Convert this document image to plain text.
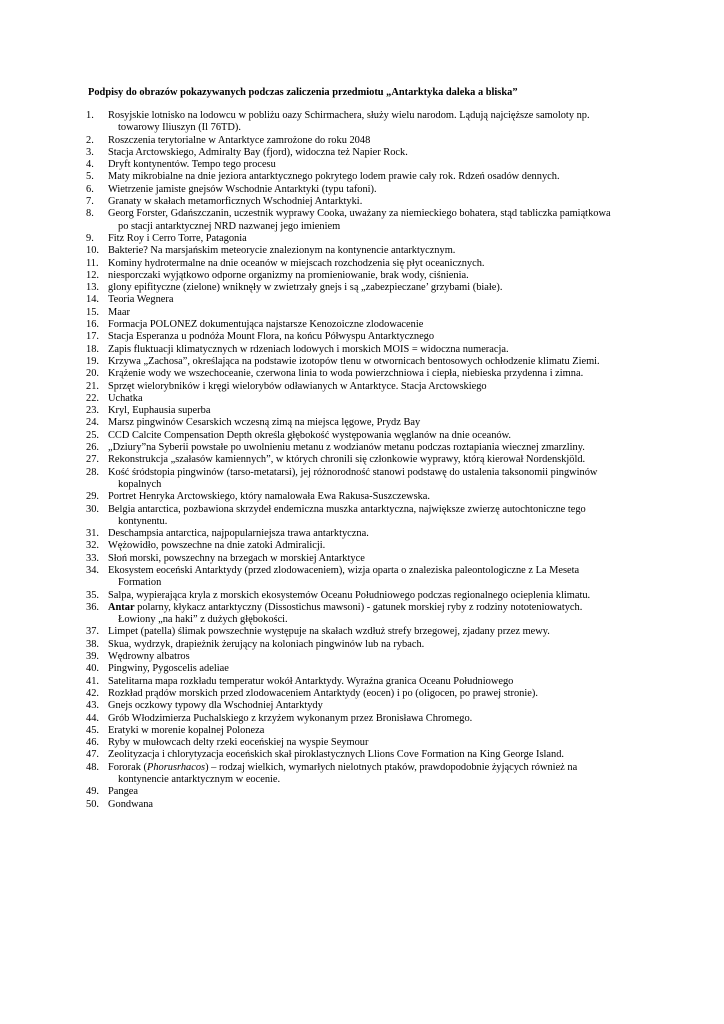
Podpisy do obrazów pokazywanych podczas zaliczenia przedmiotu „Antarktyka daleka a bliska”
1.	Rosyjskie lotnisko na lodowcu w pobliżu oazy Schirmachera, służy wielu narodom. Lądują najcięższe samoloty np.
towarowy Iliuszyn (Il 76TD).
2.	Roszczenia terytorialne w Antarktyce zamrożone do roku 2048
3.	Stacja Arctowskiego, Admiralty Bay (fjord), widoczna też Napier Rock.
4.	Dryft kontynentów. Tempo tego procesu
5.	Maty mikrobialne na dnie jeziora antarktycznego pokrytego lodem prawie cały rok. Rdzeń osadów dennych.
6.	Wietrzenie jamiste gnejsów Wschodnie Antarktyki (typu tafoni).
7.	Granaty w skałach metamorficznych Wschodniej Antarktyki.
8.	Georg Forster, Gdańszczanin, uczestnik wyprawy Cooka, uważany za niemieckiego bohatera, stąd tabliczka pamiątkowa
po stacji antarktycznej NRD nazwanej jego imieniem
9.	Fitz Roy i Cerro Torre, Patagonia
10. Bakterie? Na marsjańskim meteorycie znalezionym na kontynencie antarktycznym.
11. Kominy hydrotermalne na dnie oceanów w miejscach rozchodzenia się płyt oceanicznych.
12. niesporczaki wyjątkowo odporne organizmy na promieniowanie, brak wody, ciśnienia.
13. glony epifityczne (zielone) wniknęły w zwietrzały gnejs i są „zabezpieczane’ grzybami (białe).
14. Teoria Wegnera
15. Maar
16. Formacja POLONEZ dokumentująca najstarsze Kenozoiczne zlodowacenie
17. Stacja Esperanza u podnóża Mount Flora, na końcu Półwyspu Antarktycznego
18. Zapis fluktuacji klimatycznych w rdzeniach lodowych i morskich MOIS = widoczna numeracja.
19. Krzywa „Zachosa”, określająca na podstawie izotopów tlenu w otwornicach bentosowych ochłodzenie klimatu Ziemi.
20. Krążenie wody we wszechoceanie, czerwona linia to woda powierzchniowa i ciepła, niebieska przydenna i zimna.
21. Sprzęt wielorybników i kręgi wielorybów odławianych w Antarktyce. Stacja Arctowskiego
22. Uchatka
23. Kryl, Euphausia superba
24. Marsz pingwinów Cesarskich wczesną zimą na miejsca lęgowe, Prydz Bay
25. CCD Calcite Compensation Depth określa głębokość występowania węglanów na dnie oceanów.
26. „Dziury”na Syberii powstałe po uwolnieniu metanu z wodzianów metanu podczas roztapiania wiecznej zmarzliny.
27. Rekonstrukcja „szałasów kamiennych”, w których chronili się członkowie wyprawy, którą kierował Nordenskjöld.
28. Kość śródstopia pingwinów (tarso-metatarsi), jej różnorodność stanowi podstawę do ustalenia taksonomii pingwinów
kopalnych
29. Portret Henryka Arctowskiego, który namalowała Ewa Rakusa-Suszczewska.
30. Belgia antarctica, pozbawiona skrzydeł endemiczna muszka antarktyczna, największe zwierzę autochtoniczne tego
kontynentu.
31. Deschampsia antarctica, najpopularniejsza trawa antarktyczna.
32. Wężowidło, powszechne na dnie zatoki Admiralicji.
33. Słoń morski, powszechny na brzegach w morskiej Antarktyce
34. Ekosystem eoceński Antarktydy (przed zlodowaceniem), wizja oparta o znaleziska paleontologiczne z La Meseta
Formation
35. Salpa, wypierająca kryla z morskich ekosystemów Oceanu Południowego podczas regionalnego ocieplenia klimatu.
36. Antar polarny, kłykacz antarktyczny (Dissostichus mawsoni) - gatunek morskiej ryby z rodziny nototeniowatych.
Łowiony „na haki” z dużych głębokości.
37. Limpet (patella) ślimak powszechnie występuje na skałach wzdłuż strefy brzegowej, zjadany przez mewy.
38. Skua, wydrzyk, drapieżnik żerujący na koloniach pingwinów lub na rybach.
39. Wędrowny albatros
40. Pingwiny, Pygoscelis adeliae
41. Satelitarna mapa rozkładu temperatur wokół Antarktydy. Wyraźna granica Oceanu Południowego
42. Rozkład prądów morskich przed zlodowaceniem Antarktydy (eocen) i po (oligocen, po prawej stronie).
43. Gnejs oczkowy typowy dla Wschodniej Antarktydy
44. Grób Włodzimierza Puchalskiego z krzyżem wykonanym przez Bronisława Chromego.
45. Eratyki w morenie kopalnej Poloneza
46. Ryby w mułowcach delty rzeki eoceńskiej na wyspie Seymour
47. Zeolityzacja i chlorytyzacja eoceńskich skał piroklastycznych Llions Cove Formation na King George Island.
48. Fororak (Phorusrhacos) – rodzaj wielkich, wymarłych nielotnych ptaków, prawdopodobnie żyjących również na
kontynencie antarktycznym w eocenie.
49. Pangea
50. Gondwana
